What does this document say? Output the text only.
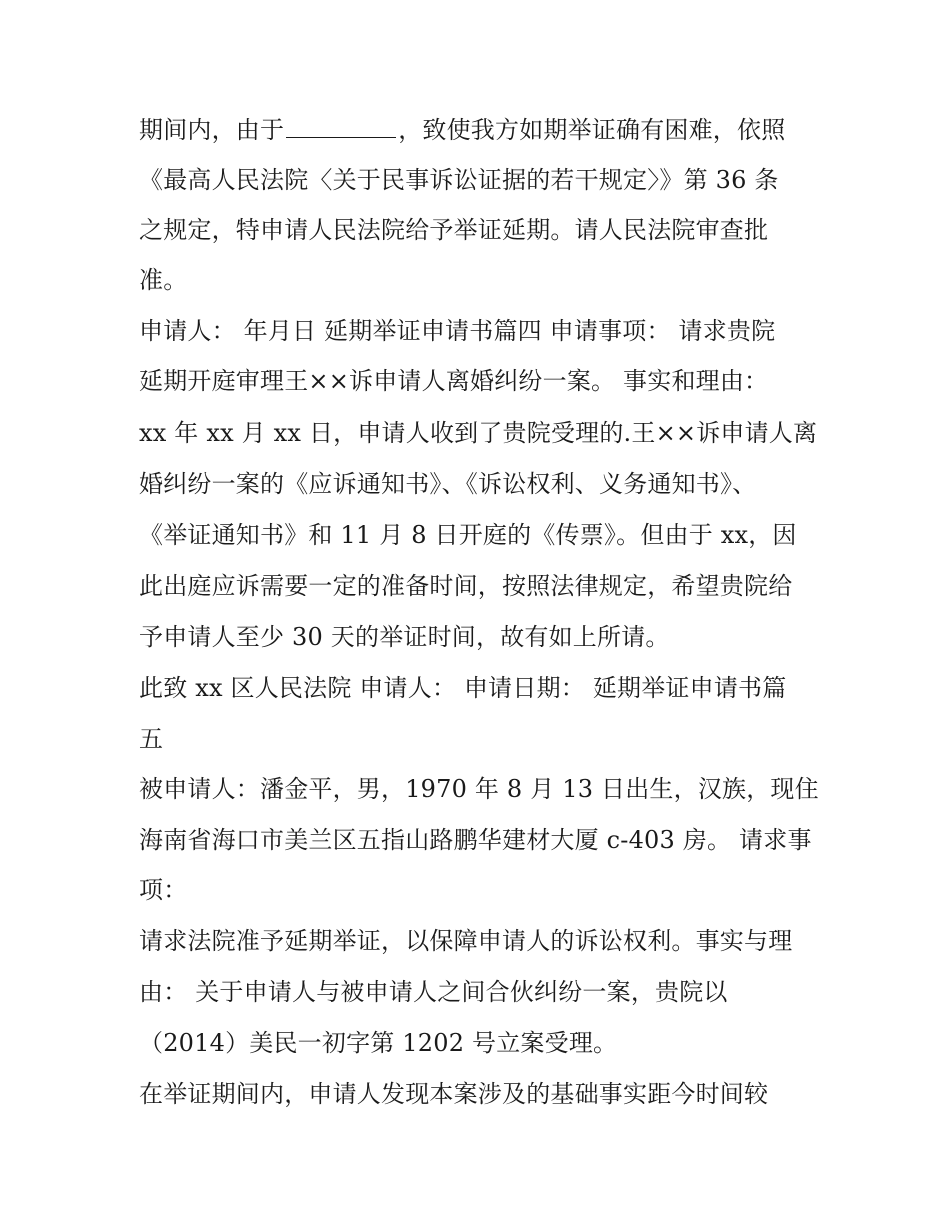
期间内，由于	，致使我方如期举证确有困难，依照
《最高人民法院〈关于民事诉讼证据的若干规定〉》第 36 条
之规定，特申请人民法院给予举证延期。请人民法院审查批
准。
申请人： 年月日 延期举证申请书篇四 申请事项： 请求贵院
延期开庭审理王××诉申请人离婚纠纷一案。 事实和理由：
xx 年 xx 月 xx 日，申请人收到了贵院受理的.王××诉申请人离
婚纠纷一案的《应诉通知书》、《诉讼权利、义务通知书》、
《举证通知书》和 11 月 8 日开庭的《传票》。但由于 xx，因
此出庭应诉需要一定的准备时间，按照法律规定，希望贵院给
予申请人至少 30 天的举证时间，故有如上所请。
此致 xx 区人民法院 申请人： 申请日期： 延期举证申请书篇
五
被申请人：潘金平，男，1970 年 8 月 13 日出生，汉族，现住
海南省海口市美兰区五指山路鹏华建材大厦 c-403 房。 请求事
项：
请求法院准予延期举证，以保障申请人的诉讼权利。事实与理
由： 关于申请人与被申请人之间合伙纠纷一案，贵院以
（2014）美民一初字第 1202 号立案受理。
在举证期间内，申请人发现本案涉及的基础事实距今时间较
